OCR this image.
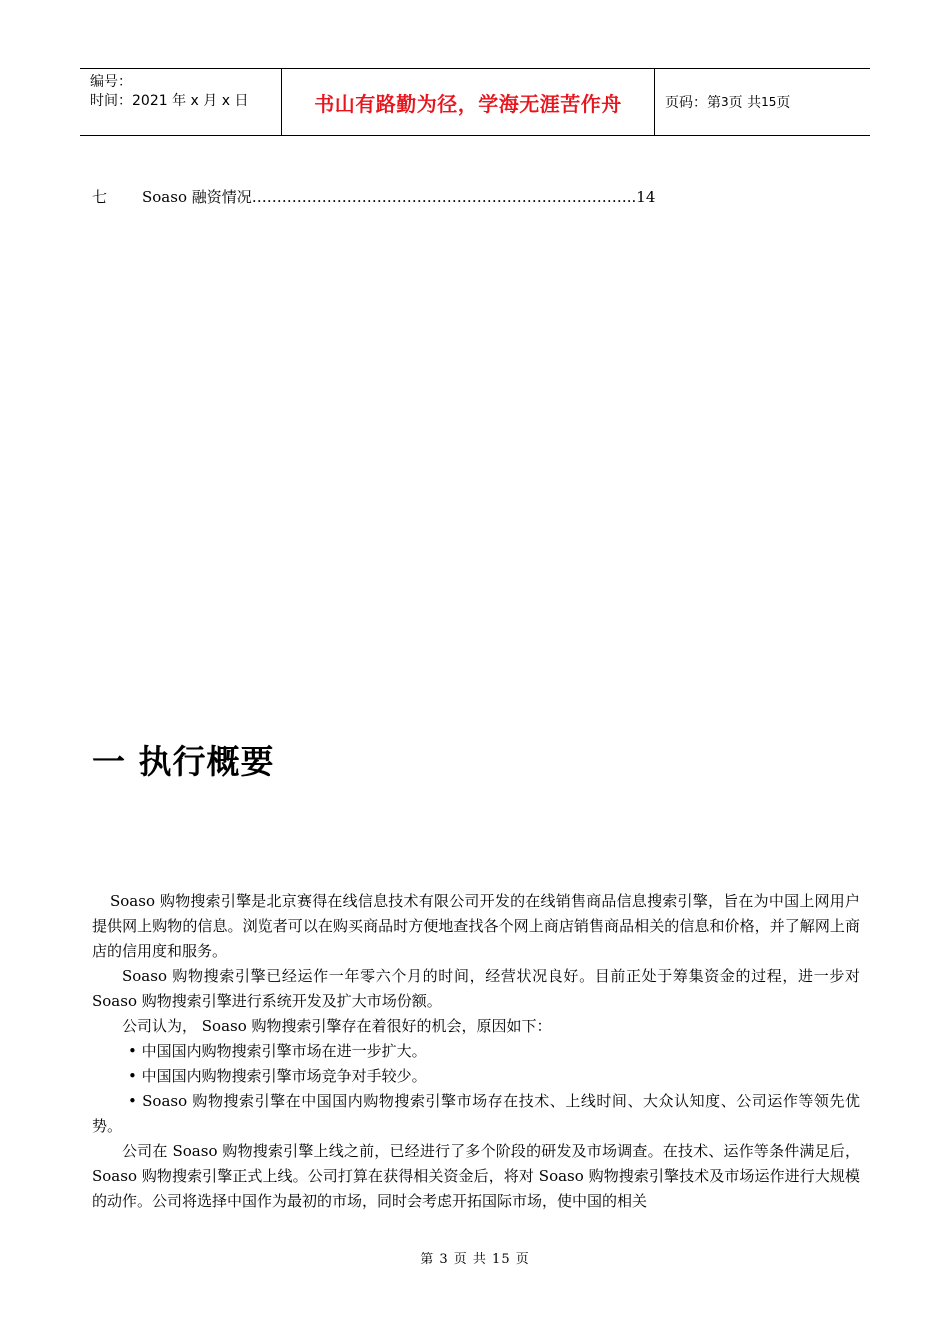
编号：
时间：2021 年 x 月 x 日	书山有路勤为径，学海无涯苦作舟	页码：第 3 页 共 15 页
七	Soaso 融资情况…………………………………………………………………..14
一 执行概要

Soaso 购物搜索引擎是北京赛得在线信息技术有限公司开发的在线销售商品信息搜索引擎，旨在为中国上网用户提供网上购物的信息。浏览者可以在购买商品时方便地查找各个网上商店销售商品相关的信息和价格，并了解网上商店的信用度和服务。

Soaso 购物搜索引擎已经运作一年零六个月的时间，经营状况良好。目前正处于筹集资金的过程，进一步对 Soaso 购物搜索引擎进行系统开发及扩大市场份额。

公司认为， Soaso 购物搜索引擎存在着很好的机会，原因如下：

• 中国国内购物搜索引擎市场在进一步扩大。

• 中国国内购物搜索引擎市场竞争对手较少。

• Soaso 购物搜索引擎在中国国内购物搜索引擎市场存在技术、上线时间、大众认知度、公司运作等领先优势。

公司在 Soaso 购物搜索引擎上线之前，已经进行了多个阶段的研发及市场调查。在技术、运作等条件满足后，Soaso 购物搜索引擎正式上线。公司打算在获得相关资金后，将对 Soaso 购物搜索引擎技术及市场运作进行大规模的动作。公司将选择中国作为最初的市场，同时会考虑开拓国际市场，使中国的相关

第 3 页 共 15 页
